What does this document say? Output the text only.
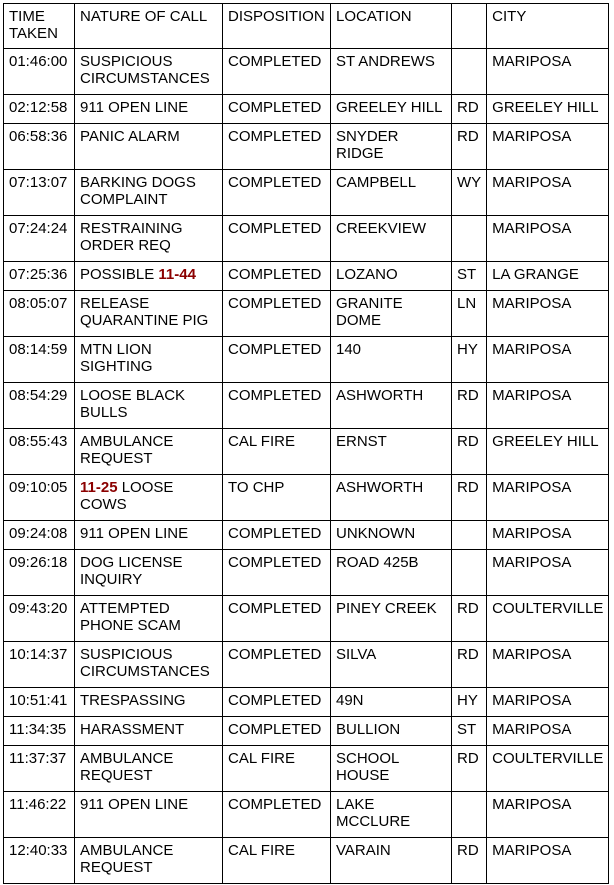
TIME TAKEN	NATURE OF CALL	DISPOSITION	LOCATION		CITY
01:46:00	SUSPICIOUS CIRCUMSTANCES	COMPLETED	ST ANDREWS		MARIPOSA
02:12:58	911 OPEN LINE	COMPLETED	GREELEY HILL	RD	GREELEY HILL
06:58:36	PANIC ALARM	COMPLETED	SNYDER RIDGE	RD	MARIPOSA
07:13:07	BARKING DOGS COMPLAINT	COMPLETED	CAMPBELL	WY	MARIPOSA
07:24:24	RESTRAINING ORDER REQ	COMPLETED	CREEKVIEW		MARIPOSA
07:25:36	POSSIBLE 11-44	COMPLETED	LOZANO	ST	LA GRANGE
08:05:07	RELEASE QUARANTINE PIG	COMPLETED	GRANITE DOME	LN	MARIPOSA
08:14:59	MTN LION SIGHTING	COMPLETED	140	HY	MARIPOSA
08:54:29	LOOSE BLACK BULLS	COMPLETED	ASHWORTH	RD	MARIPOSA
08:55:43	AMBULANCE REQUEST	CAL FIRE	ERNST	RD	GREELEY HILL
09:10:05	11-25 LOOSE COWS	TO CHP	ASHWORTH	RD	MARIPOSA
09:24:08	911 OPEN LINE	COMPLETED	UNKNOWN		MARIPOSA
09:26:18	DOG LICENSE INQUIRY	COMPLETED	ROAD 425B		MARIPOSA
09:43:20	ATTEMPTED PHONE SCAM	COMPLETED	PINEY CREEK	RD	COULTERVILLE
10:14:37	SUSPICIOUS CIRCUMSTANCES	COMPLETED	SILVA	RD	MARIPOSA
10:51:41	TRESPASSING	COMPLETED	49N	HY	MARIPOSA
11:34:35	HARASSMENT	COMPLETED	BULLION	ST	MARIPOSA
11:37:37	AMBULANCE REQUEST	CAL FIRE	SCHOOL HOUSE	RD	COULTERVILLE
11:46:22	911 OPEN LINE	COMPLETED	LAKE MCCLURE		MARIPOSA
12:40:33	AMBULANCE REQUEST	CAL FIRE	VARAIN	RD	MARIPOSA
